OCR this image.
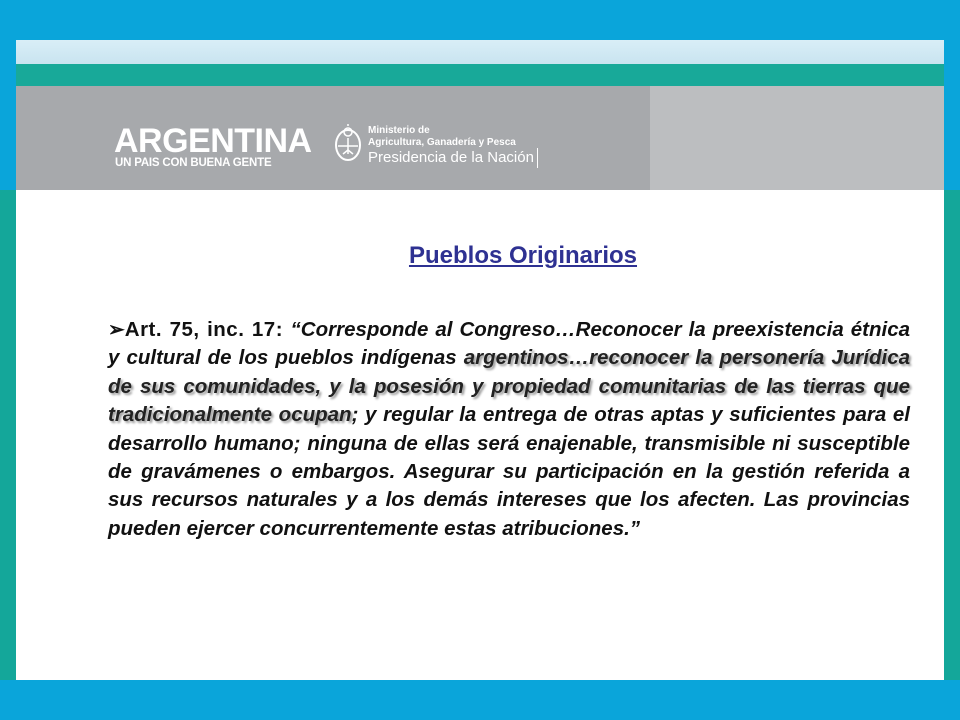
ARGENTINA
UN PAIS CON BUENA GENTE
Ministerio de
Agricultura, Ganadería y Pesca
Presidencia de la Nación
Pueblos Originarios
➢Art. 75, inc. 17: “Corresponde al Congreso…Reconocer la preexistencia étnica y cultural de los pueblos indígenas argentinos…reconocer la personería Jurídica de sus comunidades, y la posesión y propiedad comunitarias de las tierras que tradicionalmente ocupan; y regular la entrega de otras aptas y suficientes para el desarrollo humano; ninguna de ellas será enajenable, transmisible ni susceptible de gravámenes o embargos. Asegurar su participación en la gestión referida a sus recursos naturales y a los demás intereses que los afecten. Las provincias pueden ejercer concurrentemente estas atribuciones.”
